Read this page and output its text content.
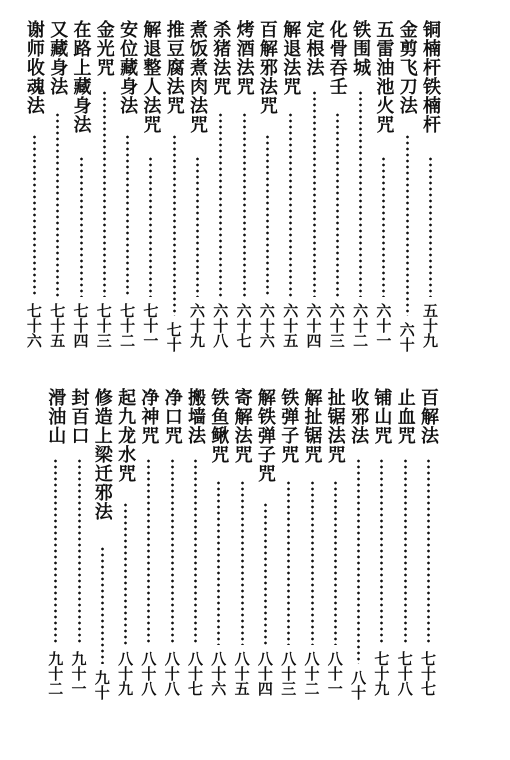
铜楠杆铁楠杆
五十九
金剪飞刀法
六十
五雷油池火咒
六十一
铁围城
六十二
化骨吞壬
六十三
定根法
六十四
解退法咒
六十五
百解邪法咒
六十六
烤酒法咒
六十七
杀猪法咒
六十八
煮饭煮肉法咒
六十九
推豆腐法咒
七十
解退整人法咒
七十一
安位藏身法
七十二
金光咒
七十三
在路上藏身法
七十四
又藏身法
七十五
谢师收魂法
七十六
百解法
七十七
止血咒
七十八
铺山咒
七十九
收邪法
八十
扯锯法咒
八十一
解扯锯咒
八十二
铁弹子咒
八十三
解铁弹子咒
八十四
寄解法咒
八十五
铁鱼鳅咒
八十六
搬墙法
八十七
净口咒
八十八
净神咒
八十八
起九龙水咒
八十九
修造上梁迁邪法
九十
封百口
九十一
滑油山
九十二
